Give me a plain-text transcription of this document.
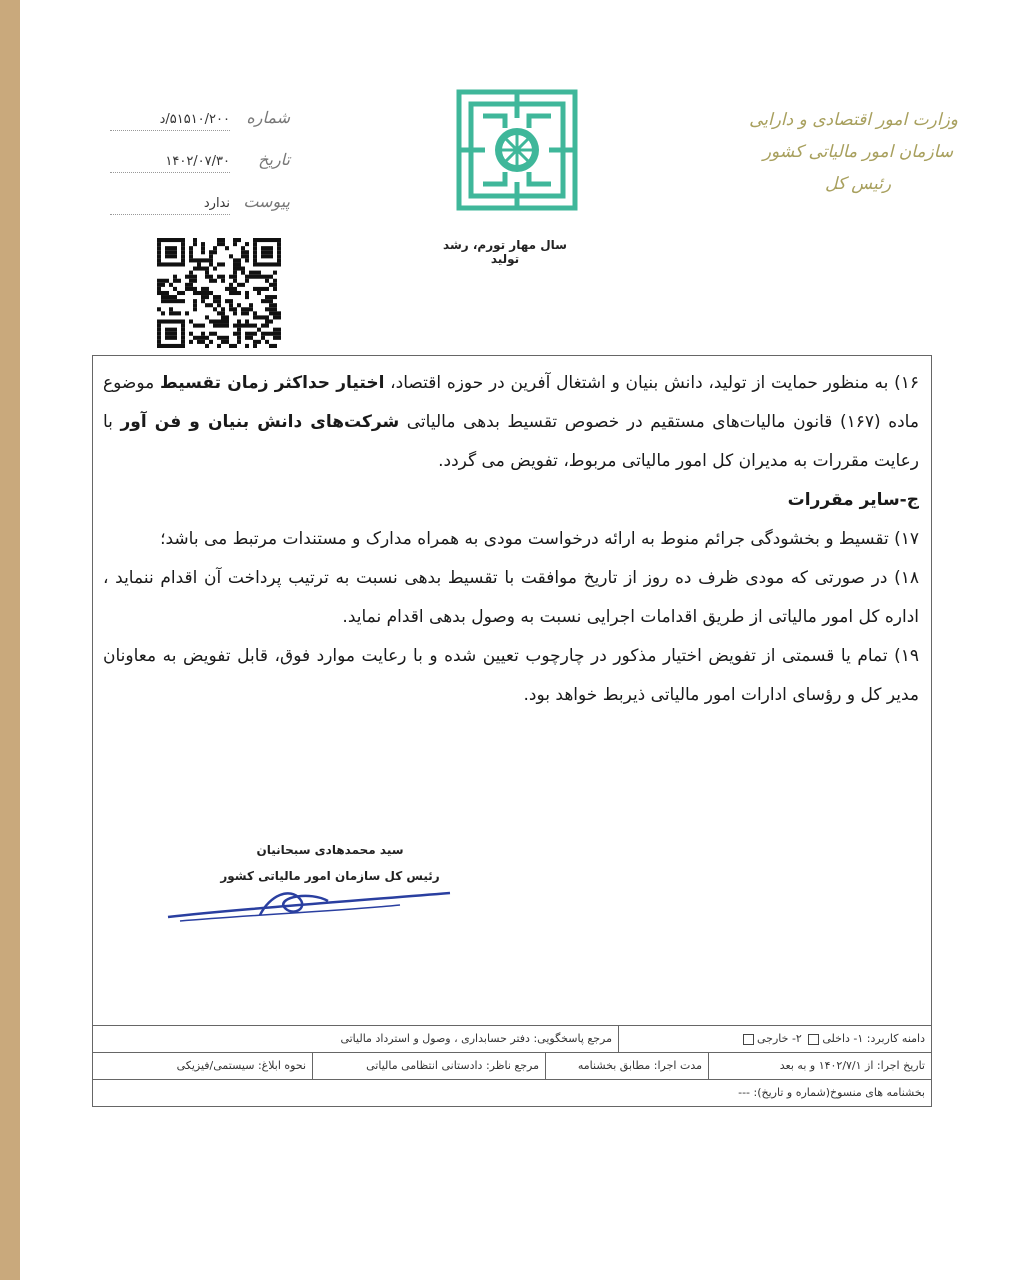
وزارت امور اقتصادی و دارایی
سازمان امور مالیاتی کشور
رئیس کل
سال مهار تورم، رشد تولید
شماره
۵۱۵۱۰/۲۰۰/د
تاریخ
۱۴۰۲/۰۷/۳۰
پیوست
ندارد

۱۶) به منظور حمایت از تولید، دانش بنیان و اشتغال آفرین در حوزه اقتصاد، اختیار حداکثر زمان تقسیط موضوع ماده (۱۶۷) قانون مالیات‌های مستقیم در خصوص تقسیط بدهی مالیاتی شرکت‌های دانش بنیان و فن آور با رعایت مقررات به مدیران کل امور مالیاتی مربوط، تفویض می گردد.

ج-سایر مقررات

۱۷) تقسیط و بخشودگی جرائم منوط به ارائه درخواست مودی به همراه مدارک و مستندات مرتبط می باشد؛

۱۸) در صورتی که مودی ظرف ده روز از تاریخ موافقت با تقسیط بدهی نسبت به ترتیب پرداخت آن اقدام ننماید ، اداره کل امور مالیاتی از طریق اقدامات اجرایی نسبت به وصول بدهی اقدام نماید.

۱۹) تمام یا قسمتی از تفویض اختیار مذکور در چارچوب تعیین شده و با رعایت موارد فوق، قابل تفویض به معاونان مدیر کل و رؤسای ادارات امور مالیاتی ذیربط خواهد بود.

سید محمدهادی سبحانیان
رئیس کل سازمان امور مالیاتی کشور
دامنه کاربرد: ۱- داخلی ۲- خارجی
مرجع پاسخگویی: دفتر حسابداری ، وصول و استرداد مالیاتی
تاریخ اجرا: از ۱۴۰۲/۷/۱ و به بعد
مدت اجرا: مطابق بخشنامه
مرجع ناظر: دادستانی انتظامی مالیاتی
نحوه ابلاغ: سیستمی/فیزیکی
بخشنامه های منسوخ(شماره و تاریخ): ---
